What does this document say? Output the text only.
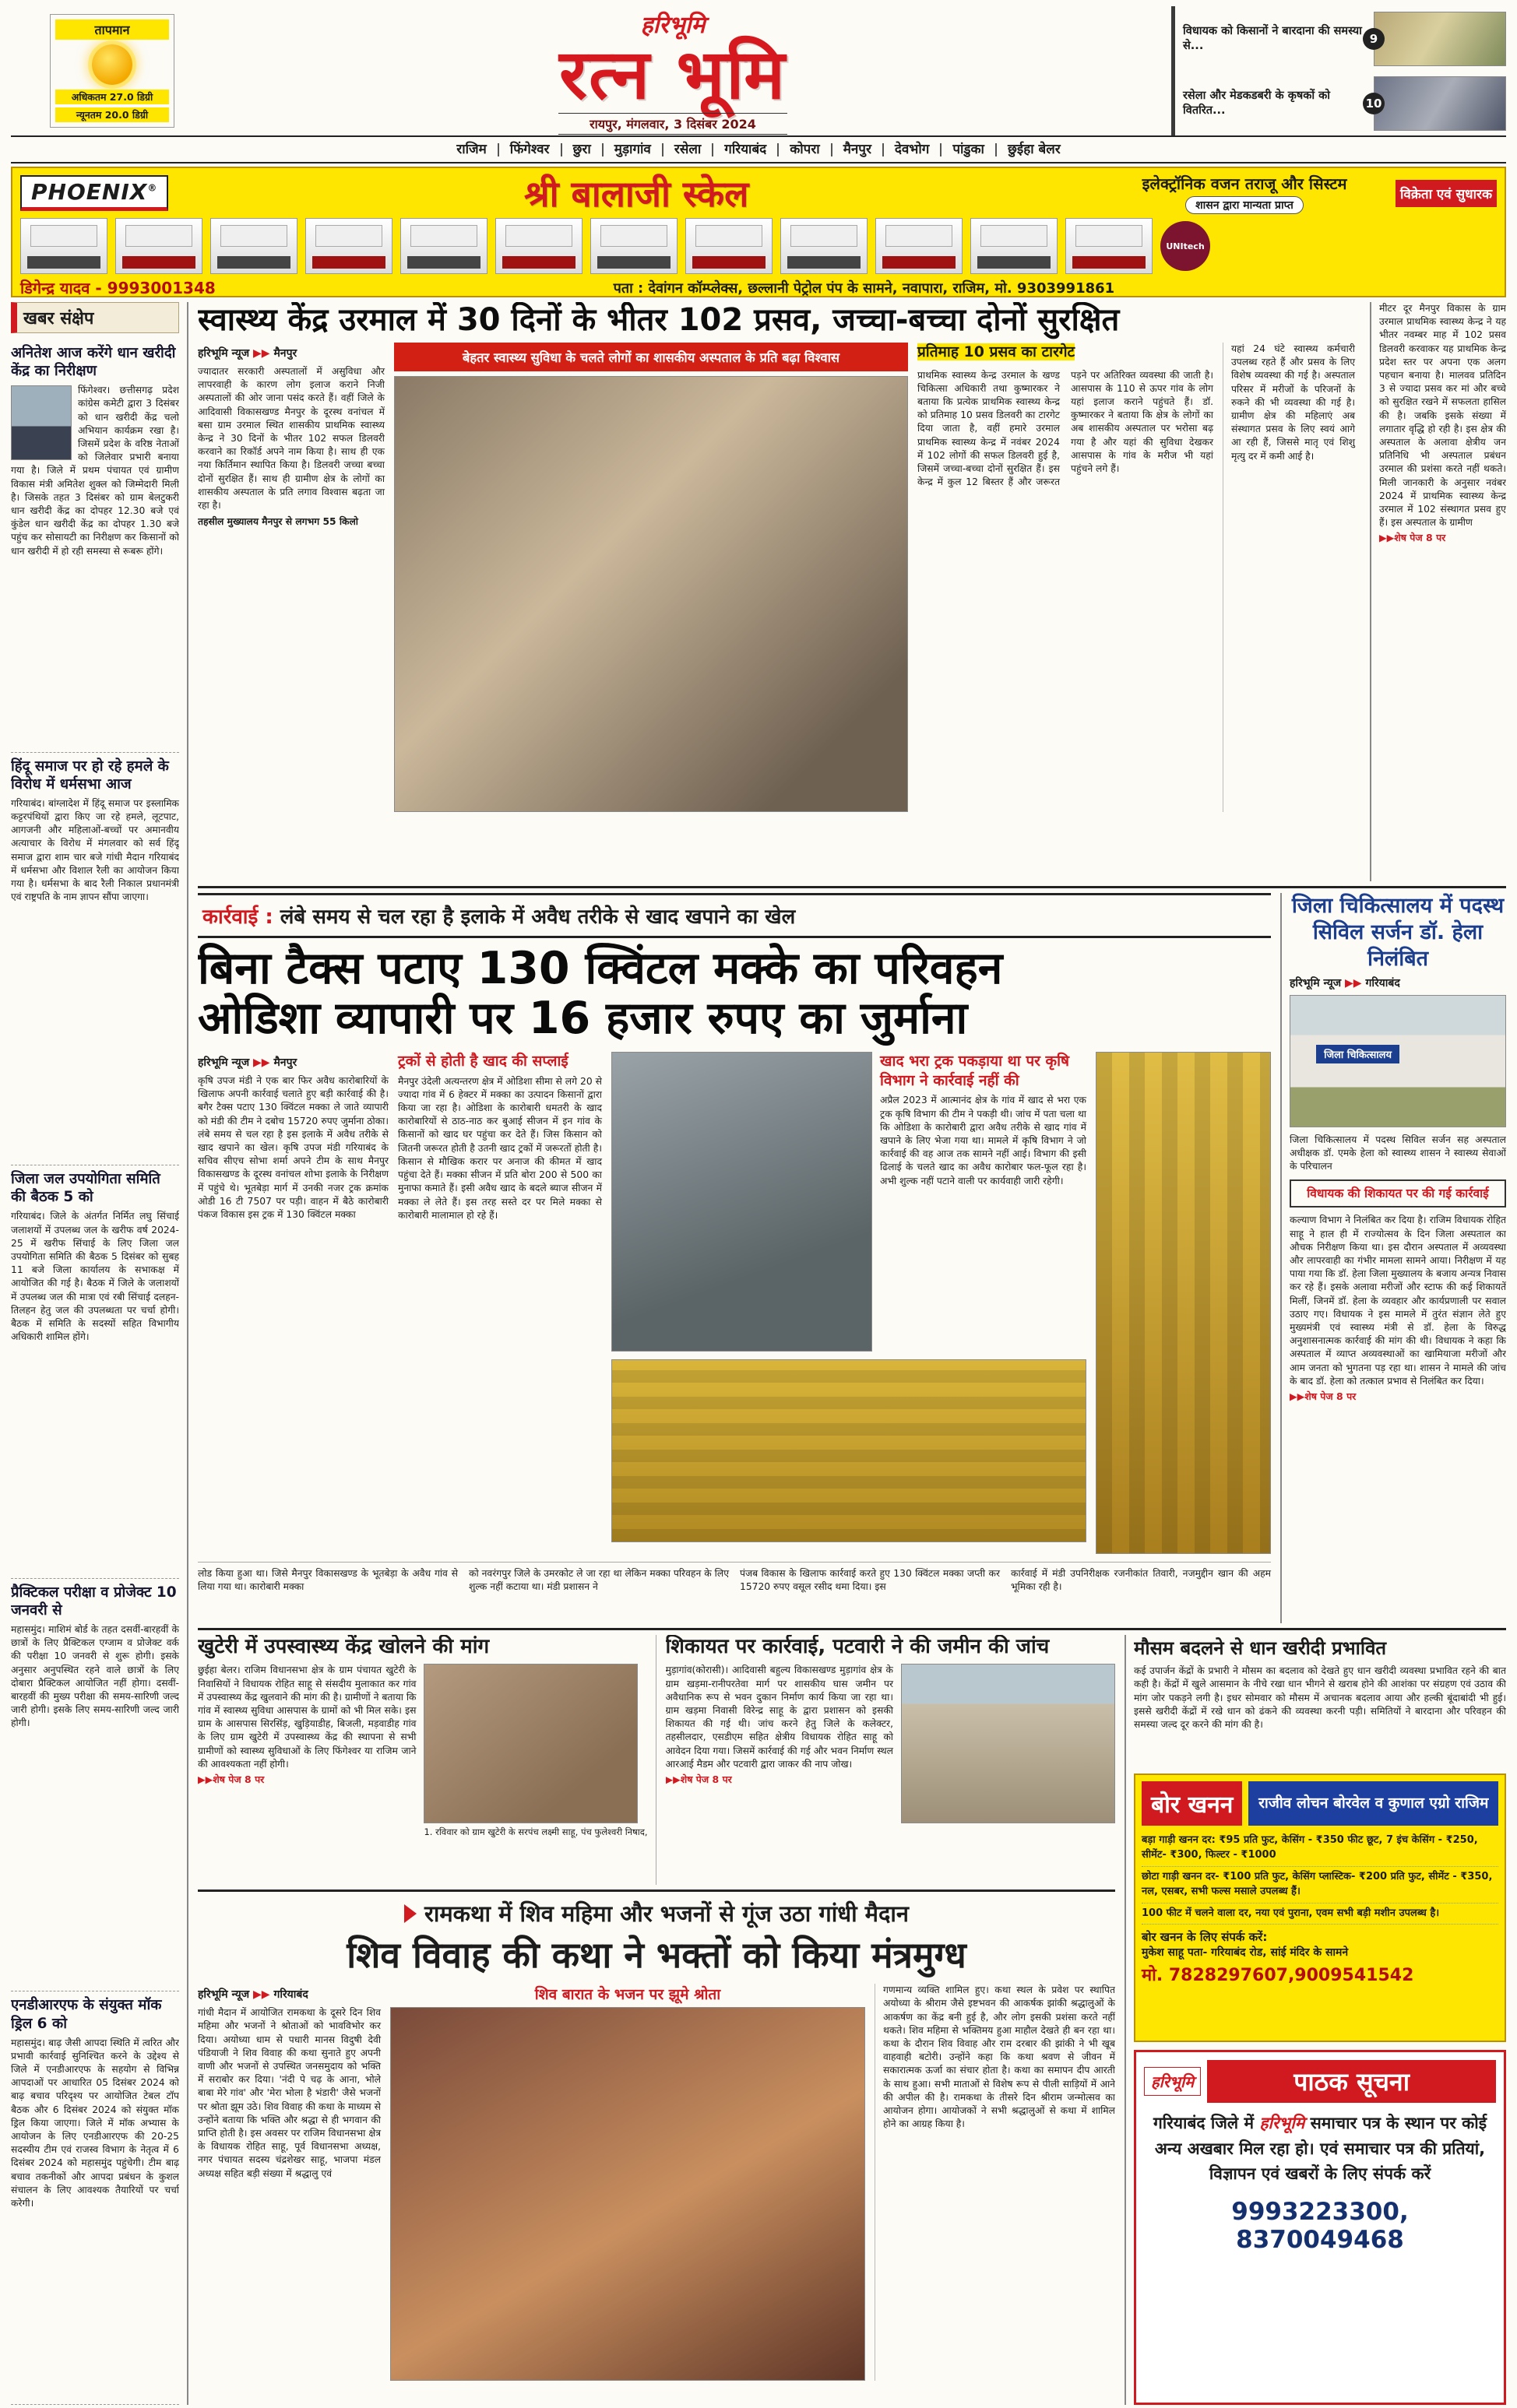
तापमान
अधिकतम 27.0 डिग्री
न्यूनतम 20.0 डिग्री
हरिभूमि
रत्न भूमि
रायपुर, मंगलवार, 3 दिसंबर 2024
विधायक को किसानों ने बारदाना की समस्या से...	9
रसेला और मेडकडबरी के कृषकों को वितरित...	10
राजिम	फिंगेश्वर	छुरा	मुड़ागांव	रसेला	गरियाबंद	कोपरा	मैनपुर	देवभोग	पांडुका	छुईहा बेलर
PHOENIX®	श्री बालाजी स्केल	इलेक्ट्रॉनिक वजन तराजू और सिस्टम
शासन द्वारा मान्यता प्राप्त
विक्रेता एवं सुधारक
UNItech
डिगेन्द्र यादव - 9993001348	पता : देवांगन कॉम्प्लेक्स, छल्लानी पेट्रोल पंप के सामने, नवापारा, राजिम, मो. 9303991861
खबर संक्षेप
अनितेश आज करेंगे धान खरीदी केंद्र का निरीक्षण

फिंगेश्वर। छत्तीसगढ़ प्रदेश कांग्रेस कमेटी द्वारा 3 दिसंबर को धान खरीदी केंद्र चलो अभियान कार्यक्रम रखा है। जिसमें प्रदेश के वरिष्ठ नेताओं को जिलेवार प्रभारी बनाया गया है। जिले में प्रथम पंचायत एवं ग्रामीण विकास मंत्री अमितेश शुक्ल को जिम्मेदारी मिली है। जिसके तहत 3 दिसंबर को ग्राम बेलटुकरी धान खरीदी केंद्र का दोपहर 12.30 बजे एवं कुंडेल धान खरीदी केंद्र का दोपहर 1.30 बजे पहुंच कर सोसायटी का निरीक्षण कर किसानों को धान खरीदी में हो रही समस्या से रूबरू होंगे।

हिंदू समाज पर हो रहे हमले के विरोध में धर्मसभा आज

गरियाबंद। बांग्लादेश में हिंदू समाज पर इस्लामिक कट्टरपंथियों द्वारा किए जा रहे हमले, लूटपाट, आगजनी और महिलाओं-बच्चों पर अमानवीय अत्याचार के विरोध में मंगलवार को सर्व हिंदू समाज द्वारा शाम चार बजे गांधी मैदान गरियाबंद में धर्मसभा और विशाल रैली का आयोजन किया गया है। धर्मसभा के बाद रैली निकाल प्रधानमंत्री एवं राष्ट्रपति के नाम ज्ञापन सौंपा जाएगा।

जिला जल उपयोगिता समिति की बैठक 5 को

गरियाबंद। जिले के अंतर्गत निर्मित लघु सिंचाई जलाशयों में उपलब्ध जल के खरीफ वर्ष 2024-25 में खरीफ सिंचाई के लिए जिला जल उपयोगिता समिति की बैठक 5 दिसंबर को सुबह 11 बजे जिला कार्यालय के सभाकक्ष में आयोजित की गई है। बैठक में जिले के जलाशयों में उपलब्ध जल की मात्रा एवं रबी सिंचाई दलहन-तिलहन हेतु जल की उपलब्धता पर चर्चा होगी। बैठक में समिति के सदस्यों सहित विभागीय अधिकारी शामिल होंगे।

प्रैक्टिकल परीक्षा व प्रोजेक्ट 10 जनवरी से

महासमुंद। माशिमं बोर्ड के तहत दसवीं-बारहवीं के छात्रों के लिए प्रैक्टिकल एग्जाम व प्रोजेक्ट वर्क की परीक्षा 10 जनवरी से शुरू होगी। इसके अनुसार अनुपस्थित रहने वाले छात्रों के लिए दोबारा प्रैक्टिकल आयोजित नहीं होगा। दसवीं-बारहवीं की मुख्य परीक्षा की समय-सारिणी जल्द जारी होगी। इसके लिए समय-सारिणी जल्द जारी होगी।

एनडीआरएफ के संयुक्त मॉक ड्रिल 6 को

महासमुंद। बाढ़ जैसी आपदा स्थिति में त्वरित और प्रभावी कार्रवाई सुनिश्चित करने के उद्देश्य से जिले में एनडीआरएफ के सहयोग से विभिन्न आपदाओं पर आधारित 05 दिसंबर 2024 को बाढ़ बचाव परिदृश्य पर आयोजित टेबल टॉप बैठक और 6 दिसंबर 2024 को संयुक्त मॉक ड्रिल किया जाएगा। जिले में मॉक अभ्यास के आयोजन के लिए एनडीआरएफ की 20-25 सदस्यीय टीम एवं राजस्व विभाग के नेतृत्व में 6 दिसंबर 2024 को महासमुंद पहुंचेगी। टीम बाढ़ बचाव तकनीकों और आपदा प्रबंधन के कुशल संचालन के लिए आवश्यक तैयारियों पर चर्चा करेगी।

स्वास्थ्य केंद्र उरमाल में 30 दिनों के भीतर 102 प्रसव, जच्चा-बच्चा दोनों सुरक्षित
हरिभूमि न्यूज ▶▶ मैनपुर

ज्यादातर सरकारी अस्पतालों में असुविधा और लापरवाही के कारण लोग इलाज कराने निजी अस्पतालों की ओर जाना पसंद करते हैं। वहीं जिले के आदिवासी विकासखण्ड मैनपुर के दूरस्थ वनांचल में बसा ग्राम उरमाल स्थित शासकीय प्राथमिक स्वास्थ्य केन्द्र ने 30 दिनों के भीतर 102 सफल डिलवरी करवाने का रिकॉर्ड अपने नाम किया है। साथ ही एक नया किर्तिमान स्थापित किया है। डिलवरी जच्चा बच्चा दोनों सुरक्षित हैं। साथ ही ग्रामीण क्षेत्र के लोगों का शासकीय अस्पताल के प्रति लगाव विश्वास बढ़ता जा रहा है।

तहसील मुख्यालय मैनपुर से लगभग 55 किलो

बेहतर स्वास्थ्य सुविधा के चलते लोगों का शासकीय अस्पताल के प्रति बढ़ा विश्वास	प्रतिमाह 10 प्रसव का टारगेट

प्राथमिक स्वास्थ्य केन्द्र उरमाल के खण्ड चिकित्सा अधिकारी तथा कुष्मारकर ने बताया कि प्रत्येक प्राथमिक स्वास्थ्य केन्द्र को प्रतिमाह 10 प्रसव डिलवरी का टारगेट दिया जाता है, वहीं हमारे उरमाल प्राथमिक स्वास्थ्य केन्द्र में नवंबर 2024 में 102 लोगों की सफल डिलवरी हुई है, जिसमें जच्चा-बच्चा दोनों सुरक्षित हैं। इस केन्द्र में कुल 12 बिस्तर हैं और जरूरत पड़ने पर अतिरिक्त व्यवस्था की जाती है। आसपास के 110 से ऊपर गांव के लोग यहां इलाज कराने पहुंचते हैं। डॉ. कुष्मारकर ने बताया कि क्षेत्र के लोगों का अब शासकीय अस्पताल पर भरोसा बढ़ गया है और यहां की सुविधा देखकर आसपास के गांव के मरीज भी यहां पहुंचने लगे हैं।

यहां 24 घंटे स्वास्थ्य कर्मचारी उपलब्ध रहते हैं और प्रसव के लिए विशेष व्यवस्था की गई है। अस्पताल परिसर में मरीजों के परिजनों के रुकने की भी व्यवस्था की गई है। ग्रामीण क्षेत्र की महिलाएं अब संस्थागत प्रसव के लिए स्वयं आगे आ रही हैं, जिससे मातृ एवं शिशु मृत्यु दर में कमी आई है।

मीटर दूर मैनपुर विकास के ग्राम उरमाल प्राथमिक स्वास्थ्य केन्द्र ने यह भीतर नवम्बर माह में 102 प्रसव डिलवरी करवाकर यह प्राथमिक केन्द्र प्रदेश स्तर पर अपना एक अलग पहचान बनाया है। मालवव प्रतिदिन 3 से ज्यादा प्रसव कर मां और बच्चे को सुरक्षित रखने में सफलता हासिल की है। जबकि इसके संख्या में लगातार वृद्धि हो रही है। इस क्षेत्र की अस्पताल के अलावा क्षेत्रीय जन प्रतिनिधि भी अस्पताल प्रबंधन उरमाल की प्रशंसा करते नहीं थकते। मिली जानकारी के अनुसार नवंबर 2024 में प्राथमिक स्वास्थ्य केन्द्र उरमाल में 102 संस्थागत प्रसव हुए हैं। इस अस्पताल के ग्रामीण

▶▶शेष पेज 8 पर
कार्रवाई : लंबे समय से चल रहा है इलाके में अवैध तरीके से खाद खपाने का खेल
बिना टैक्स पटाए 130 क्विंटल मक्के का परिवहन
ओडिशा व्यापारी पर 16 हजार रुपए का जुर्माना
हरिभूमि न्यूज ▶▶ मैनपुर

कृषि उपज मंडी ने एक बार फिर अवैध कारोबारियों के खिलाफ अपनी कार्रवाई चलाते हुए बड़ी कार्रवाई की है। बगैर टैक्स पटाए 130 क्विंटल मक्का ले जाते व्यापारी को मंडी की टीम ने दबोच 15720 रुपए जुर्माना ठोका। लंबे समय से चल रहा है इस इलाके में अवैध तरीके से खाद खपाने का खेल। कृषि उपज मंडी गरियाबंद के सचिव सीएच सोभा शर्मा अपने टीम के साथ मैनपुर विकासखण्ड के दूरस्थ वनांचल शोभा इलाके के निरीक्षण में पहुंचे थे। भूतबेड़ा मार्ग में उनकी नजर ट्रक क्रमांक ओडी 16 टी 7507 पर पड़ी। वाहन में बैठे कारोबारी पंकज विकास इस ट्रक में 130 क्विंटल मक्का

ट्रकों से होती है खाद की सप्लाई

मैनपुर उंदेली अत्यन्तरण क्षेत्र में ओडिशा सीमा से लगे 20 से ज्यादा गांव में 6 हेक्टर में मक्का का उत्पादन किसानों द्वारा किया जा रहा है। ओडिशा के कारोबारी धमतरी के खाद कारोबारियों से ठाठ-नाठ कर बुआई सीजन में इन गांव के किसानों को खाद घर पहुंचा कर देते हैं। जिस किसान को जितनी जरूरत होती है उतनी खाद ट्रकों में जरूरतों होती है। किसान से मौखिक करार पर अनाज की कीमत में खाद पहुंचा देते हैं। मक्का सीजन में प्रति बोरा 200 से 500 का मुनाफा कमाते हैं। इसी अवैध खाद के बदले ब्याज सीजन में मक्का ले लेते हैं। इस तरह सस्ते दर पर मिले मक्का से कारोबारी मालामाल हो रहे हैं।

खाद भरा ट्रक पकड़ाया था पर कृषि विभाग ने कार्रवाई नहीं की

अप्रैल 2023 में आत्मानंद क्षेत्र के गांव में खाद से भरा एक ट्रक कृषि विभाग की टीम ने पकड़ी थी। जांच में पता चला था कि ओडिशा के कारोबारी द्वारा अवैध तरीके से खाद गांव में खपाने के लिए भेजा गया था। मामले में कृषि विभाग ने जो कार्रवाई की वह आज तक सामने नहीं आई। विभाग की इसी ढिलाई के चलते खाद का अवैध कारोबार फल-फूल रहा है। अभी शुल्क नहीं पटाने वाली पर कार्यवाही जारी रहेगी।

लोड किया हुआ था। जिसे मैनपुर विकासखण्ड के भूतबेड़ा के अवैध गांव से लिया गया था। कारोबारी मक्का

को नवरंगपुर जिले के उमरकोट ले जा रहा था लेकिन मक्का परिवहन के लिए शुल्क नहीं कटाया था। मंडी प्रशासन ने

पंजब विकास के खिलाफ कार्रवाई करते हुए 130 क्विंटल मक्का जप्ती कर 15720 रुपए वसूल रसीद थमा दिया। इस

कार्रवाई में मंडी उपनिरीक्षक रजनीकांत तिवारी, नजमुद्दीन खान की अहम भूमिका रही है।

जिला चिकित्सालय में पदस्थ सिविल सर्जन डॉ. हेला निलंबित
हरिभूमि न्यूज ▶▶ गरियाबंद
जिला चिकित्सालय

जिला चिकित्सालय में पदस्थ सिविल सर्जन सह अस्पताल अधीक्षक डॉ. एमके हेला को स्वास्थ्य शासन ने स्वास्थ्य सेवाओं के परिचालन

विधायक की शिकायत पर की गई कार्रवाई

कल्याण विभाग ने निलंबित कर दिया है। राजिम विधायक रोहित साहू ने हाल ही में राज्योत्सव के दिन जिला अस्पताल का औचक निरीक्षण किया था। इस दौरान अस्पताल में अव्यवस्था और लापरवाही का गंभीर मामला सामने आया। निरीक्षण में यह पाया गया कि डॉ. हेला जिला मुख्यालय के बजाय अन्यत्र निवास कर रहे हैं। इसके अलावा मरीजों और स्टाफ की कई शिकायतें मिलीं, जिनमें डॉ. हेला के व्यवहार और कार्यप्रणाली पर सवाल उठाए गए। विधायक ने इस मामले में तुरंत संज्ञान लेते हुए मुख्यमंत्री एवं स्वास्थ्य मंत्री से डॉ. हेला के विरुद्ध अनुशासनात्मक कार्रवाई की मांग की थी। विधायक ने कहा कि अस्पताल में व्याप्त अव्यवस्थाओं का खामियाजा मरीजों और आम जनता को भुगतना पड़ रहा था। शासन ने मामले की जांच के बाद डॉ. हेला को तत्काल प्रभाव से निलंबित कर दिया।

▶▶शेष पेज 8 पर
खुटेरी में उपस्वास्थ्य केंद्र खोलने की मांग

छुईहा बेलर। राजिम विधानसभा क्षेत्र के ग्राम पंचायत खुटेरी के निवासियों ने विधायक रोहित साहू से संसदीय मुलाकात कर गांव में उपस्वास्थ्य केंद्र खुलवाने की मांग की है। ग्रामीणों ने बताया कि गांव में स्वास्थ्य सुविधा आसपास के ग्रामों को भी मिल सके। इस ग्राम के आसपास सिरसिंड़, खुड़ियाडीह, बिजली, मड़वाडीह गांव के लिए ग्राम खुटेरी में उपस्वास्थ्य केंद्र की स्थापना से सभी ग्रामीणों को स्वास्थ्य सुविधाओं के लिए फिंगेश्वर या राजिम जाने की आवश्यकता नहीं होगी।

▶▶शेष पेज 8 पर

1. रविवार को ग्राम खुटेरी के सरपंच लक्ष्मी साहू, पंच फुलेश्वरी निषाद,

शिकायत पर कार्रवाई, पटवारी ने की जमीन की जांच

मुड़ागांव(कोरासी)। आदिवासी बहुल्य विकासखण्ड मुड़ागांव क्षेत्र के ग्राम खड़मा-रानीपरतेवा मार्ग पर शासकीय घास जमीन पर अवैधानिक रूप से भवन दुकान निर्माण कार्य किया जा रहा था। ग्राम खड़मा निवासी विरेन्द्र साहू के द्वारा प्रशासन को इसकी शिकायत की गई थी। जांच करने हेतु जिले के कलेक्टर, तहसीलदार, एसडीएम सहित क्षेत्रीय विधायक रोहित साहू को आवेदन दिया गया। जिसमें कार्रवाई की गई और भवन निर्माण स्थल आरआई मैडम और पटवारी द्वारा जाकर की नाप जोख।

▶▶शेष पेज 8 पर
रामकथा में शिव महिमा और भजनों से गूंज उठा गांधी मैदान
शिव विवाह की कथा ने भक्तों को किया मंत्रमुग्ध
हरिभूमि न्यूज ▶▶ गरियाबंद

गांधी मैदान में आयोजित रामकथा के दूसरे दिन शिव महिमा और भजनों ने श्रोताओं को भावविभोर कर दिया। अयोध्या धाम से पधारी मानस विदुषी देवी पंडियाजी ने शिव विवाह की कथा सुनाते हुए अपनी वाणी और भजनों से उपस्थित जनसमुदाय को भक्ति में सराबोर कर दिया। 'नंदी पे चढ़ के आना, भोले बाबा मेरे गांव' और 'मेरा भोला है भंडारी' जैसे भजनों पर श्रोता झूम उठे। शिव विवाह की कथा के माध्यम से उन्होंने बताया कि भक्ति और श्रद्धा से ही भगवान की प्राप्ति होती है। इस अवसर पर राजिम विधानसभा क्षेत्र के विधायक रोहित साहू, पूर्व विधानसभा अध्यक्ष, नगर पंचायत सदस्य चंद्रशेखर साहू, भाजपा मंडल अध्यक्ष सहित बड़ी संख्या में श्रद्धालु एवं

शिव बारात के भजन पर झूमे श्रोता	गणमान्य व्यक्ति शामिल हुए। कथा स्थल के प्रवेश पर स्थापित अयोध्या के श्रीराम जैसे इष्टभवन की आकर्षक झांकी श्रद्धालुओं के आकर्षण का केंद्र बनी हुई है, और लोग इसकी प्रशंसा करते नहीं थकते। शिव महिमा से भक्तिमय हुआ माहौल देखते ही बन रहा था। कथा के दौरान शिव विवाह और राम दरबार की झांकी ने भी खूब वाहवाही बटोरी। उन्होंने कहा कि कथा श्रवण से जीवन में सकारात्मक ऊर्जा का संचार होता है। कथा का समापन दीप आरती के साथ हुआ। सभी माताओं से विशेष रूप से पीली साड़ियों में आने की अपील की है। रामकथा के तीसरे दिन श्रीराम जन्मोत्सव का आयोजन होगा। आयोजकों ने सभी श्रद्धालुओं से कथा में शामिल होने का आग्रह किया है।

मौसम बदलने से धान खरीदी प्रभावित

कई उपार्जन केंद्रों के प्रभारी ने मौसम का बदलाव को देखते हुए धान खरीदी व्यवस्था प्रभावित रहने की बात कही है। केंद्रों में खुले आसमान के नीचे रखा धान भीगने से खराब होने की आशंका पर संग्रहण एवं उठाव की मांग जोर पकड़ने लगी है। इधर सोमवार को मौसम में अचानक बदलाव आया और हल्की बूंदाबांदी भी हुई। इससे खरीदी केंद्रों में रखे धान को ढंकने की व्यवस्था करनी पड़ी। समितियों ने बारदाना और परिवहन की समस्या जल्द दूर करने की मांग की है।

बोर खनन	राजीव लोचन बोरवेल व कुणाल एग्रो राजिम
बड़ा गाड़ी खनन दर: ₹95 प्रति फुट, केसिंग - ₹350 फीट छूट, 7 इंच केसिंग - ₹250, सीमेंट- ₹300, फिल्टर - ₹1000
छोटा गाड़ी खनन दर- ₹100 प्रति फुट, केसिंग प्लास्टिक- ₹200 प्रति फुट, सीमेंट - ₹350, नल, एसबर, सभी फल्स मसाले उपलब्ध हैं।
100 फीट में चलने वाला दर, नया एवं पुराना, एवम सभी बड़ी मशीन उपलब्ध है।
बोर खनन के लिए संपर्क करें:
मुकेश साहू पता- गरियाबंद रोड, सांई मंदिर के सामने
मो. 7828297607,9009541542
हरिभूमि	पाठक सूचना

गरियाबंद जिले में हरिभूमि समाचार पत्र के स्थान पर कोई अन्य अखबार मिल रहा हो। एवं समाचार पत्र की प्रतियां, विज्ञापन एवं खबरों के लिए संपर्क करें

9993223300, 8370049468
